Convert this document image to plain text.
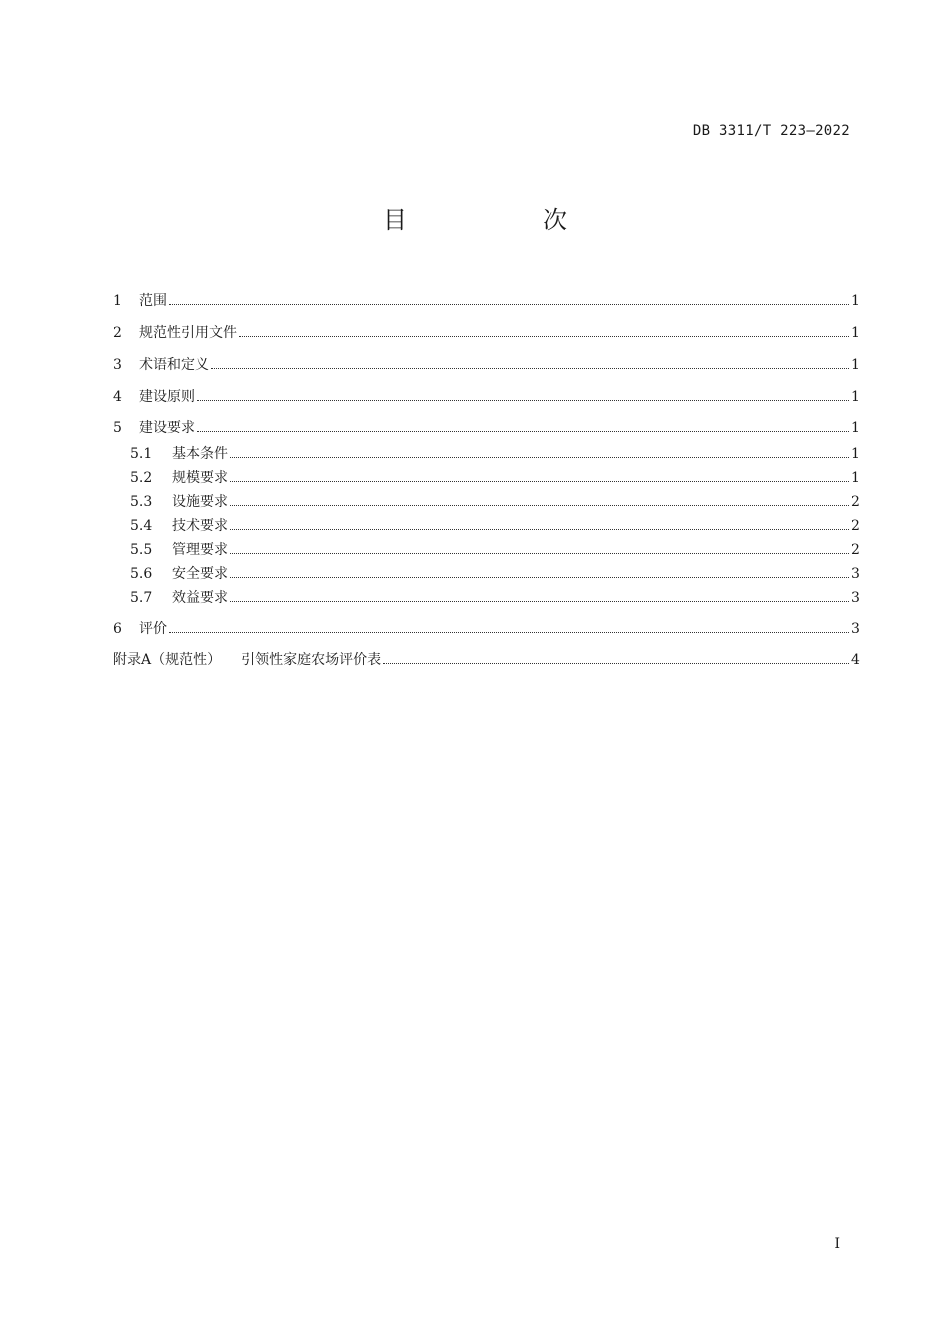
DB 3311/T 223—2022
目　次
1	范围	1
2	规范性引用文件	1
3	术语和定义	1
4	建设原则	1
5	建设要求	1
5.1	基本条件	1
5.2	规模要求	1
5.3	设施要求	2
5.4	技术要求	2
5.5	管理要求	2
5.6	安全要求	3
5.7	效益要求	3
6	评价	3
附录A（规范性） 引领性家庭农场评价表	4
I
